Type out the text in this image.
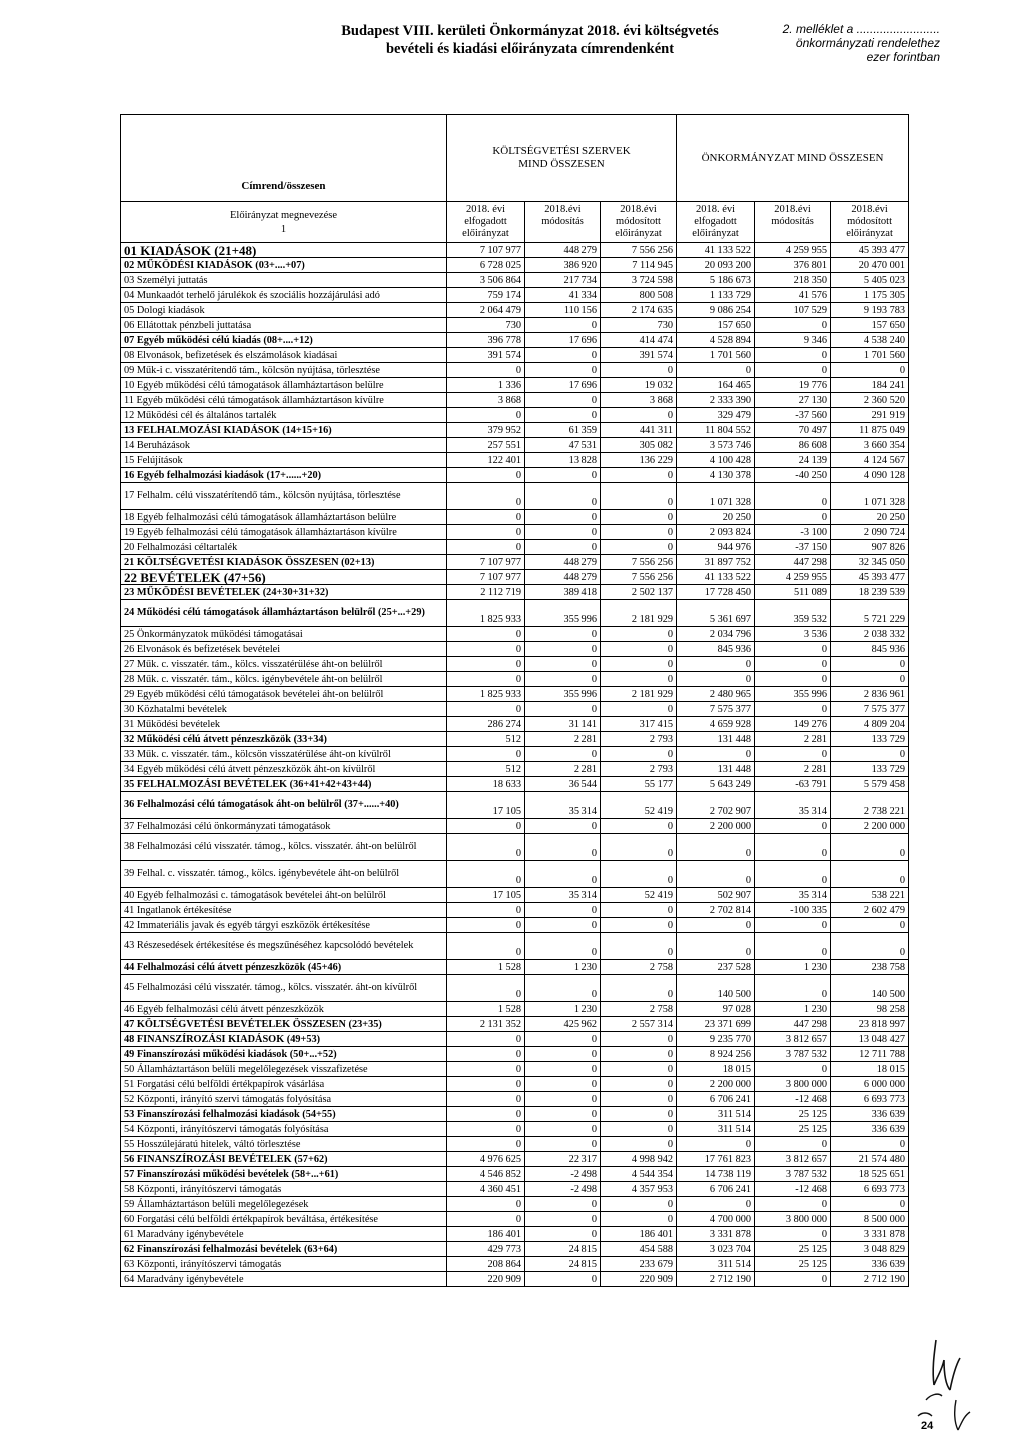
Budapest VIII. kerületi Önkormányzat 2018. évi költségvetés
bevételi és kiadási előirányzata címrendenként
2. melléklet a .........................
önkormányzati rendelethez
ezer forintban
Címrend/összesen	KÖLTSÉGVETÉSI SZERVEK MIND ÖSSZESEN			ÖNKORMÁNYZAT MIND ÖSSZESEN		

Előirányzat megnevezése
1	2018. évi elfogadott előirányzat	2018.évi módosítás	2018.évi módosított előirányzat	2018. évi elfogadott előirányzat	2018.évi módosítás	2018.évi módosított előirányzat
01 KIADÁSOK (21+48)	7 107 977	448 279	7 556 256	41 133 522	4 259 955	45 393 477
02 MŰKÖDÉSI KIADÁSOK (03+....+07)	6 728 025	386 920	7 114 945	20 093 200	376 801	20 470 001
03 Személyi juttatás	3 506 864	217 734	3 724 598	5 186 673	218 350	5 405 023
04 Munkaadót terhelő járulékok és szociális hozzájárulási adó	759 174	41 334	800 508	1 133 729	41 576	1 175 305
05 Dologi kiadások	2 064 479	110 156	2 174 635	9 086 254	107 529	9 193 783
06 Ellátottak pénzbeli juttatása	730	0	730	157 650	0	157 650
07 Egyéb működési célú kiadás (08+....+12)	396 778	17 696	414 474	4 528 894	9 346	4 538 240
08 Elvonások, befizetések és elszámolások kiadásai	391 574	0	391 574	1 701 560	0	1 701 560
09 Műk-i c. visszatérítendő tám., kölcsön nyújtása, törlesztése	0	0	0	0	0	0
10 Egyéb működési célú támogatások államháztartáson belülre	1 336	17 696	19 032	164 465	19 776	184 241
11 Egyéb működési célú támogatások államháztartáson kívülre	3 868	0	3 868	2 333 390	27 130	2 360 520
12 Működési cél és általános tartalék	0	0	0	329 479	-37 560	291 919
13 FELHALMOZÁSI KIADÁSOK (14+15+16)	379 952	61 359	441 311	11 804 552	70 497	11 875 049
14 Beruházások	257 551	47 531	305 082	3 573 746	86 608	3 660 354
15 Felújítások	122 401	13 828	136 229	4 100 428	24 139	4 124 567
16 Egyéb felhalmozási kiadások (17+......+20)	0	0	0	4 130 378	-40 250	4 090 128
17 Felhalm. célú visszatérítendő tám., kölcsön nyújtása, törlesztése	0	0	0	1 071 328	0	1 071 328
18 Egyéb felhalmozási célú támogatások államháztartáson belülre	0	0	0	20 250	0	20 250
19 Egyéb felhalmozási célú támogatások államháztartáson kívülre	0	0	0	2 093 824	-3 100	2 090 724
20 Felhalmozási céltartalék	0	0	0	944 976	-37 150	907 826
21 KÖLTSÉGVETÉSI KIADÁSOK ÖSSZESEN (02+13)	7 107 977	448 279	7 556 256	31 897 752	447 298	32 345 050
22 BEVÉTELEK (47+56)	7 107 977	448 279	7 556 256	41 133 522	4 259 955	45 393 477
23 MŰKÖDÉSI BEVÉTELEK (24+30+31+32)	2 112 719	389 418	2 502 137	17 728 450	511 089	18 239 539
24 Működési célú támogatások államháztartáson belülről (25+...+29)	1 825 933	355 996	2 181 929	5 361 697	359 532	5 721 229
25 Önkormányzatok működési támogatásai	0	0	0	2 034 796	3 536	2 038 332
26 Elvonások és befizetések bevételei	0	0	0	845 936	0	845 936
27 Műk. c. visszatér. tám., kölcs. visszatérülése áht-on belülről	0	0	0	0	0	0
28 Műk. c. visszatér. tám., kölcs. igénybevétele áht-on belülről	0	0	0	0	0	0
29 Egyéb működési célú támogatások bevételei áht-on belülről	1 825 933	355 996	2 181 929	2 480 965	355 996	2 836 961
30 Közhatalmi bevételek	0	0	0	7 575 377	0	7 575 377
31 Működési bevételek	286 274	31 141	317 415	4 659 928	149 276	4 809 204
32 Működési célú átvett pénzeszközök (33+34)	512	2 281	2 793	131 448	2 281	133 729
33 Műk. c. visszatér. tám., kölcsön visszatérülése áht-on kívülről	0	0	0	0	0	0
34 Egyéb működési célú átvett pénzeszközök áht-on kívülről	512	2 281	2 793	131 448	2 281	133 729
35 FELHALMOZÁSI BEVÉTELEK (36+41+42+43+44)	18 633	36 544	55 177	5 643 249	-63 791	5 579 458
36 Felhalmozási célú támogatások áht-on belülről (37+......+40)	17 105	35 314	52 419	2 702 907	35 314	2 738 221
37 Felhalmozási célú önkormányzati támogatások	0	0	0	2 200 000	0	2 200 000
38 Felhalmozási célú visszatér. támog., kölcs. visszatér. áht-on belülről	0	0	0	0	0	0
39 Felhal. c. visszatér. támog., kölcs. igénybevétele áht-on belülről	0	0	0	0	0	0
40 Egyéb felhalmozási c. támogatások bevételei áht-on belülről	17 105	35 314	52 419	502 907	35 314	538 221
41 Ingatlanok értékesítése	0	0	0	2 702 814	-100 335	2 602 479
42 Immateriális javak és egyéb tárgyi eszközök értékesítése	0	0	0	0	0	0
43 Részesedések értékesítése és megszűnéséhez kapcsolódó bevételek	0	0	0	0	0	0
44 Felhalmozási célú átvett pénzeszközök (45+46)	1 528	1 230	2 758	237 528	1 230	238 758
45 Felhalmozási célú visszatér. támog., kölcs. visszatér. áht-on kívülről	0	0	0	140 500	0	140 500
46 Egyéb felhalmozási célú átvett pénzeszközök	1 528	1 230	2 758	97 028	1 230	98 258
47 KÖLTSÉGVETÉSI BEVÉTELEK ÖSSZESEN (23+35)	2 131 352	425 962	2 557 314	23 371 699	447 298	23 818 997
48 FINANSZÍROZÁSI KIADÁSOK (49+53)	0	0	0	9 235 770	3 812 657	13 048 427
49 Finanszírozási működési kiadások (50+...+52)	0	0	0	8 924 256	3 787 532	12 711 788
50 Államháztartáson belüli megelőlegezések visszafizetése	0	0	0	18 015	0	18 015
51 Forgatási célú belföldi értékpapírok vásárlása	0	0	0	2 200 000	3 800 000	6 000 000
52 Központi, irányító szervi támogatás folyósítása	0	0	0	6 706 241	-12 468	6 693 773
53 Finanszírozási felhalmozási kiadások (54+55)	0	0	0	311 514	25 125	336 639
54 Központi, irányítószervi támogatás folyósítása	0	0	0	311 514	25 125	336 639
55 Hosszúlejáratú hitelek, váltó törlesztése	0	0	0	0	0	0
56 FINANSZÍROZÁSI BEVÉTELEK (57+62)	4 976 625	22 317	4 998 942	17 761 823	3 812 657	21 574 480
57 Finanszírozási működési bevételek (58+...+61)	4 546 852	-2 498	4 544 354	14 738 119	3 787 532	18 525 651
58 Központi, irányítószervi támogatás	4 360 451	-2 498	4 357 953	6 706 241	-12 468	6 693 773
59 Államháztartáson belüli megelőlegezések	0	0	0	0	0	0
60 Forgatási célú belföldi értékpapírok beváltása, értékesítése	0	0	0	4 700 000	3 800 000	8 500 000
61 Maradvány igénybevétele	186 401	0	186 401	3 331 878	0	3 331 878
62 Finanszírozási felhalmozási bevételek (63+64)	429 773	24 815	454 588	3 023 704	25 125	3 048 829
63 Központi, irányítószervi támogatás	208 864	24 815	233 679	311 514	25 125	336 639
64 Maradvány igénybevétele	220 909	0	220 909	2 712 190	0	2 712 190
24
